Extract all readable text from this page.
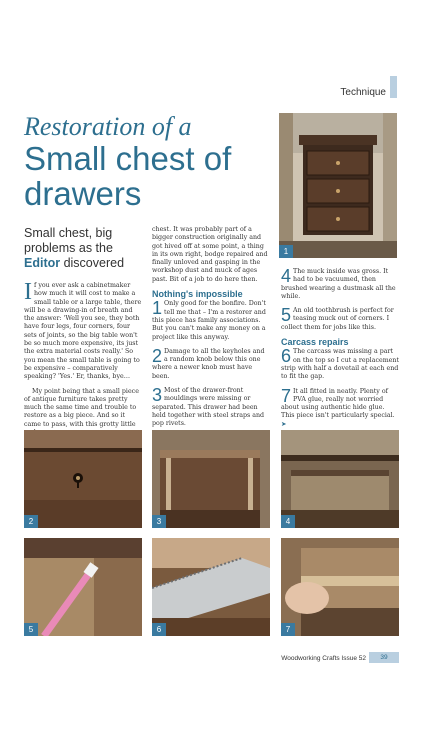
Technique
Restoration of a
Small chest of drawers
Small chest, big problems as the Editor discovered
If you ever ask a cabinetmaker how much it will cost to make a small table or a large table, there will be a drawing-in of breath and the answer: 'Well you see, they both have four legs, four corners, four sets of joints, so the big table won't be so much more expensive, its just the extra material costs really.' So you mean the small table is going to be expensive – comparatively speaking? 'Yes.' Er, thanks, bye…
My point being that a small piece of antique furniture takes pretty much the same time and trouble to restore as a big piece. And so it came to pass, with this grotty little
chest. It was probably part of a bigger construction originally and got hived off at some point, a thing in its own right, bodge repaired and finally unloved and gasping in the workshop dust and muck of ages past. Bit of a job to do here then.
Nothing's impossible
1 Only good for the bonfire. Don't tell me that – I'm a restorer and this piece has family associations. But you can't make any money on a project like this anyway.
2 Damage to all the keyholes and a random knob below this one where a newer knob must have been.
3 Most of the drawer-front mouldings were missing or separated. This drawer had been held together with steel straps and pop rivets.
4 The muck inside was gross. It had to be vacuumed, then brushed wearing a dustmask all the while.
5 An old toothbrush is perfect for teasing muck out of corners. I collect them for jobs like this.
Carcass repairs
6 The carcass was missing a part on the top so I cut a replacement strip with half a dovetail at each end to fit the gap.
7 It all fitted in neatly. Plenty of PVA glue, really not worried about using authentic hide glue. This piece isn't particularly special. ➤
1
2	3	4
5	6	7
Woodworking Crafts Issue 52	39
